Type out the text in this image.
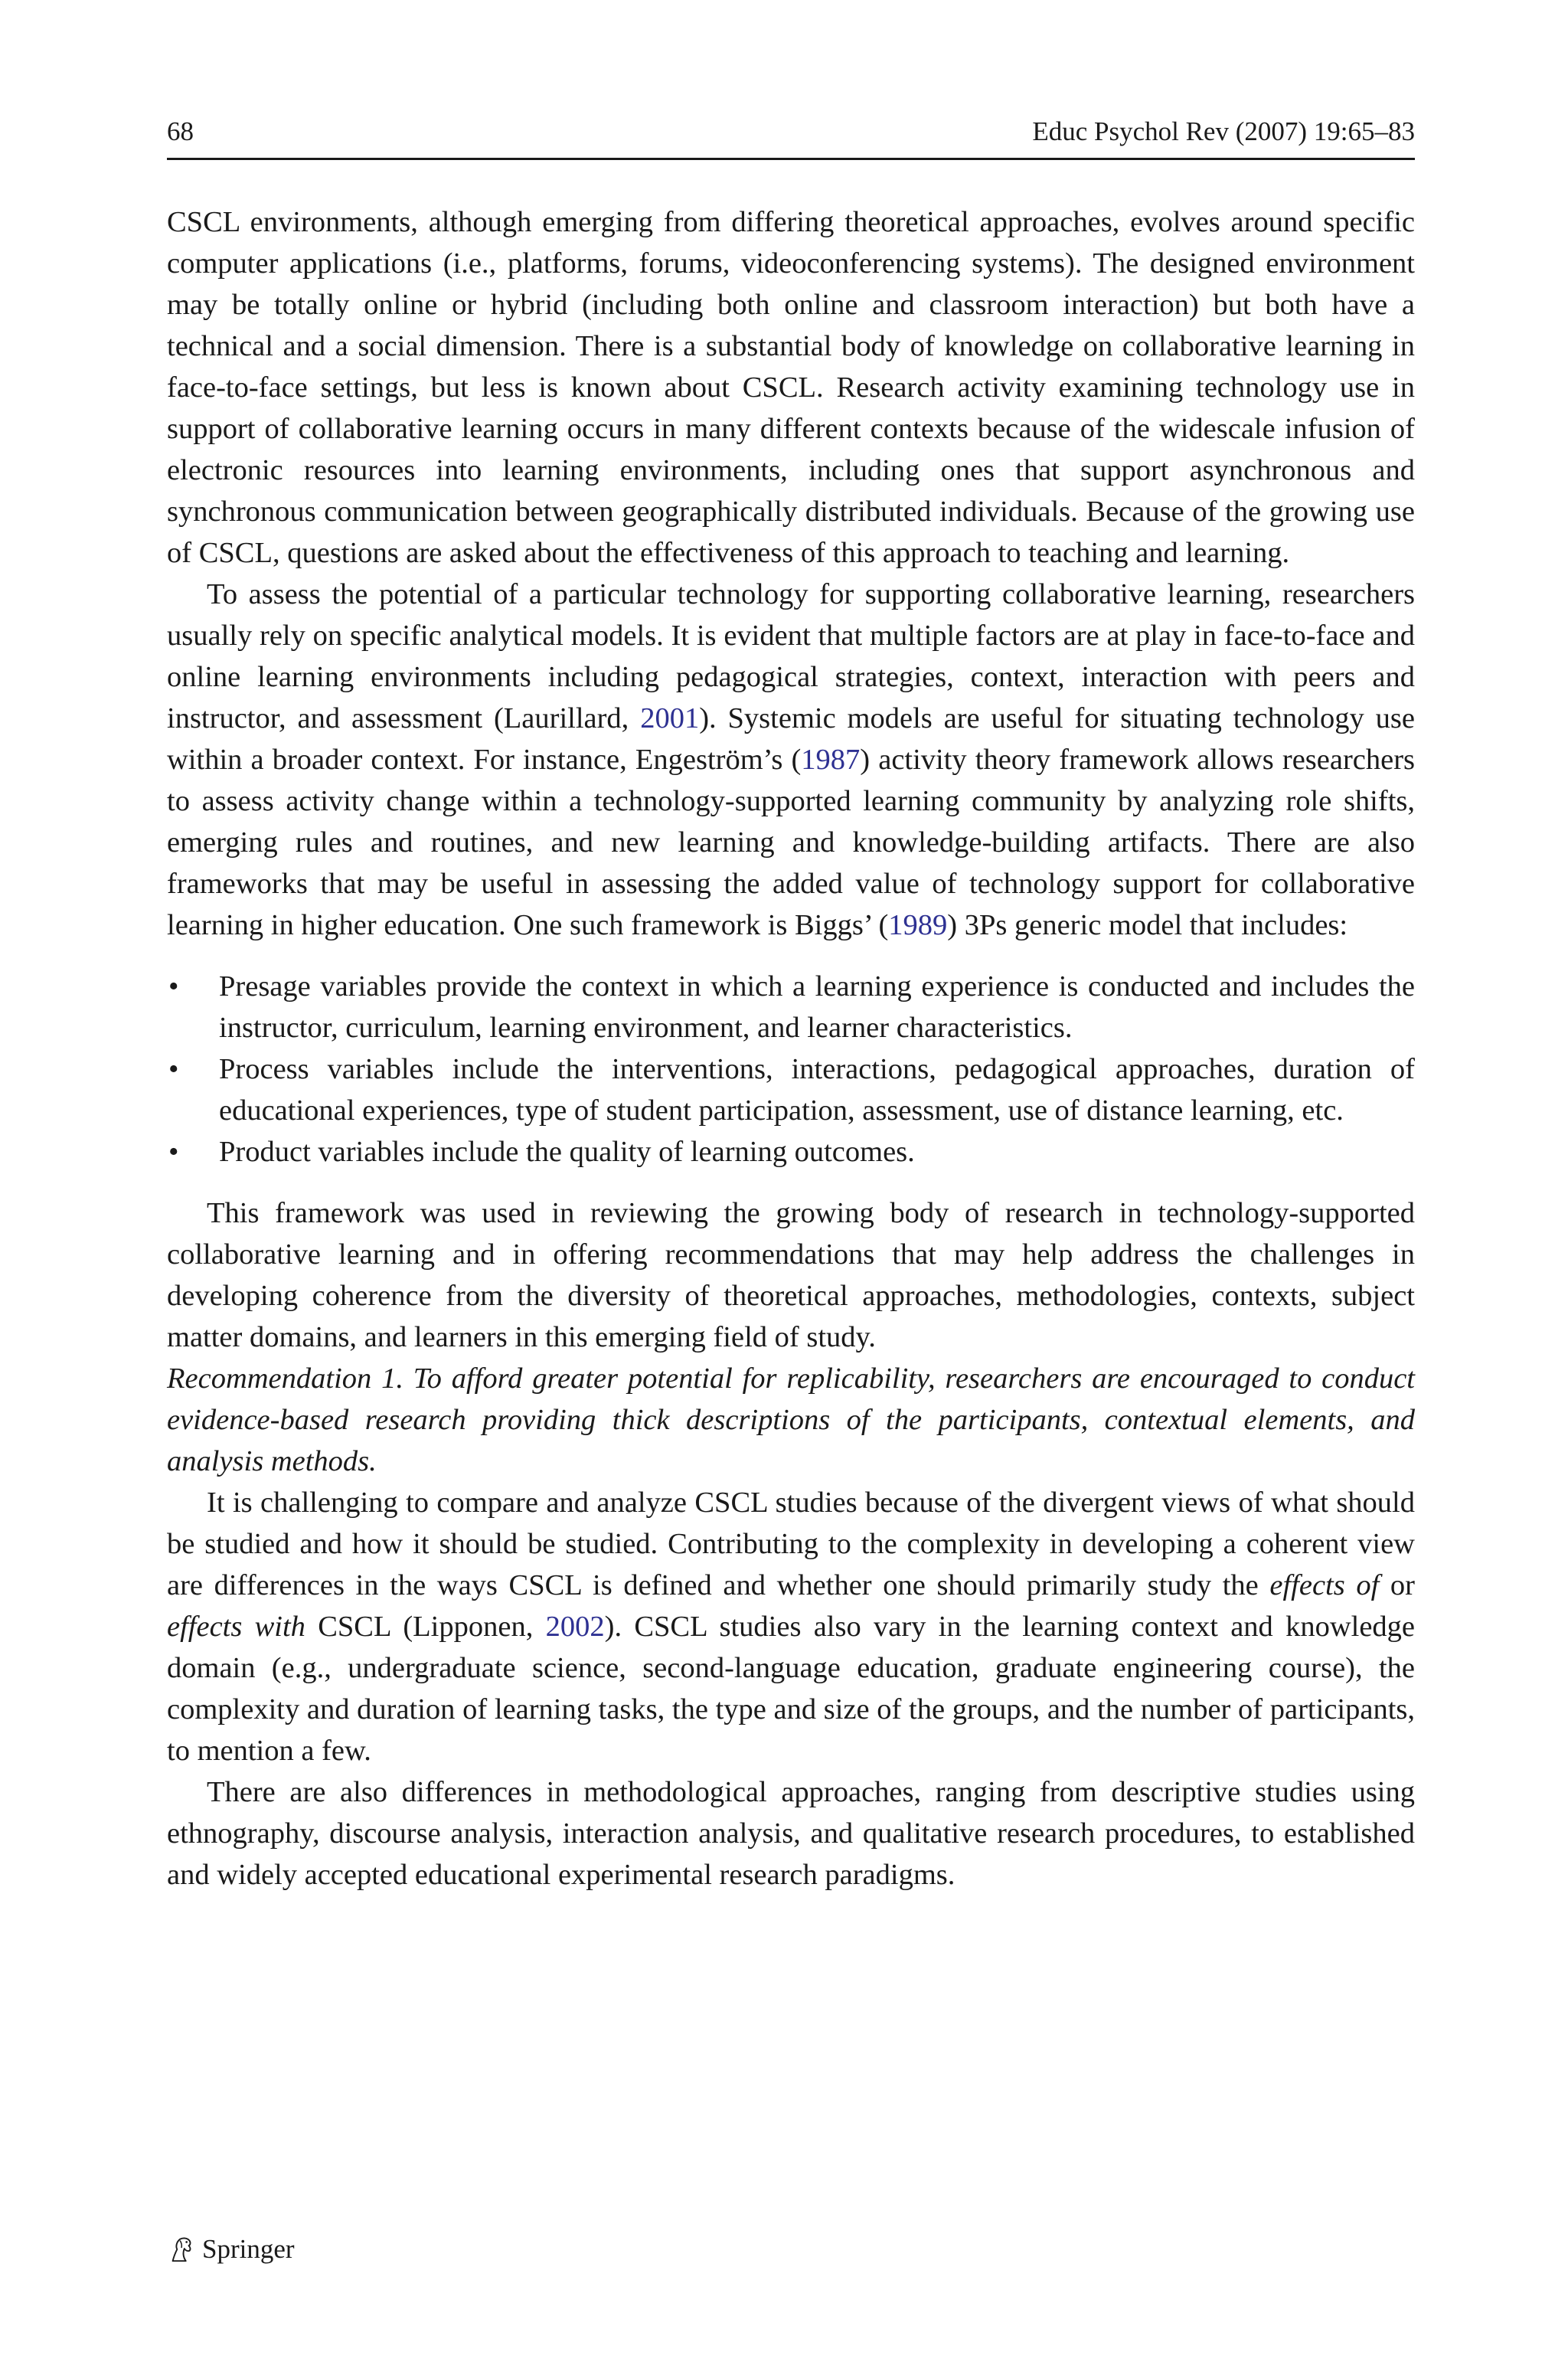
68	Educ Psychol Rev (2007) 19:65–83

CSCL environments, although emerging from differing theoretical approaches, evolves around specific computer applications (i.e., platforms, forums, videoconferencing systems). The designed environment may be totally online or hybrid (including both online and classroom interaction) but both have a technical and a social dimension. There is a substantial body of knowledge on collaborative learning in face-to-face settings, but less is known about CSCL. Research activity examining technology use in support of collaborative learning occurs in many different contexts because of the widescale infusion of electronic resources into learning environments, including ones that support asynchronous and synchronous communication between geographically distributed individuals. Because of the growing use of CSCL, questions are asked about the effectiveness of this approach to teaching and learning.

To assess the potential of a particular technology for supporting collaborative learning, researchers usually rely on specific analytical models. It is evident that multiple factors are at play in face-to-face and online learning environments including pedagogical strategies, context, interaction with peers and instructor, and assessment (Laurillard, 2001). Systemic models are useful for situating technology use within a broader context. For instance, Engeström’s (1987) activity theory framework allows researchers to assess activity change within a technology-supported learning community by analyzing role shifts, emerging rules and routines, and new learning and knowledge-building artifacts. There are also frameworks that may be useful in assessing the added value of technology support for collaborative learning in higher education. One such framework is Biggs’ (1989) 3Ps generic model that includes:

• Presage variables provide the context in which a learning experience is conducted and includes the instructor, curriculum, learning environment, and learner characteristics.
• Process variables include the interventions, interactions, pedagogical approaches, duration of educational experiences, type of student participation, assessment, use of distance learning, etc.
• Product variables include the quality of learning outcomes.

This framework was used in reviewing the growing body of research in technology-supported collaborative learning and in offering recommendations that may help address the challenges in developing coherence from the diversity of theoretical approaches, methodologies, contexts, subject matter domains, and learners in this emerging field of study.

Recommendation 1. To afford greater potential for replicability, researchers are encouraged to conduct evidence-based research providing thick descriptions of the participants, contextual elements, and analysis methods.

It is challenging to compare and analyze CSCL studies because of the divergent views of what should be studied and how it should be studied. Contributing to the complexity in developing a coherent view are differences in the ways CSCL is defined and whether one should primarily study the effects of or effects with CSCL (Lipponen, 2002). CSCL studies also vary in the learning context and knowledge domain (e.g., undergraduate science, second-language education, graduate engineering course), the complexity and duration of learning tasks, the type and size of the groups, and the number of participants, to mention a few.

There are also differences in methodological approaches, ranging from descriptive studies using ethnography, discourse analysis, interaction analysis, and qualitative research procedures, to established and widely accepted educational experimental research paradigms.

Springer
